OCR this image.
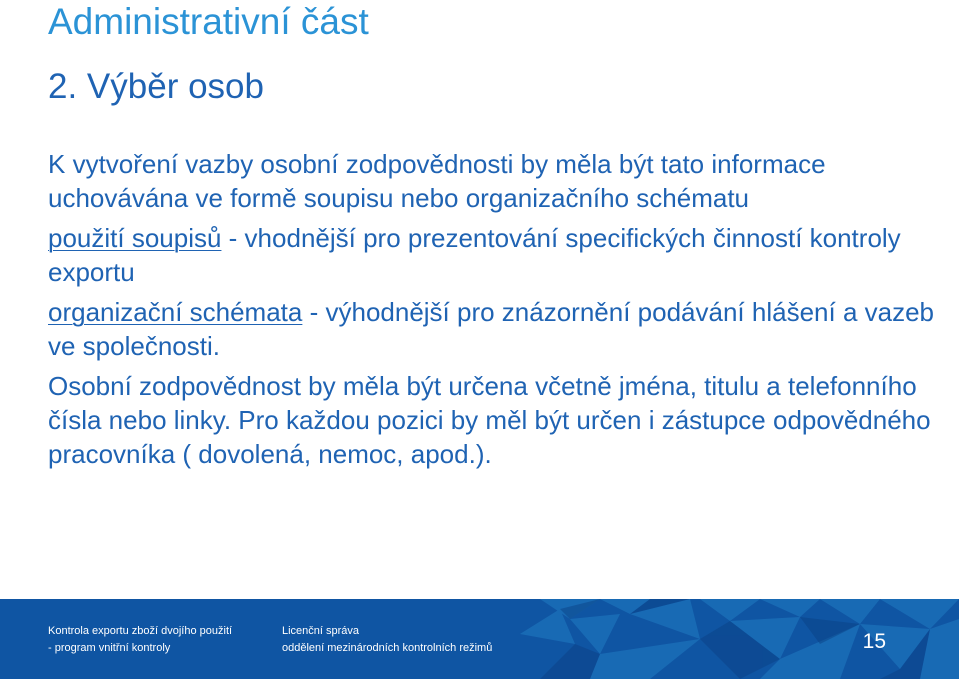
Administrativní část
2. Výběr osob

K vytvoření vazby osobní zodpovědnosti by měla být tato informace uchovávána ve formě soupisu nebo organizačního schématu

použití soupisů - vhodnější pro prezentování specifických činností kontroly exportu

organizační schémata - výhodnější pro znázornění podávání hlášení a vazeb ve společnosti.

Osobní zodpovědnost by měla být určena včetně jména, titulu a telefonního čísla nebo linky. Pro každou pozici by měl být určen i zástupce odpovědného pracovníka ( dovolená, nemoc, apod.).

Kontrola exportu zboží dvojího použití
- program vnitřní kontroly
Licenční správa
oddělení mezinárodních kontrolních režimů	15
